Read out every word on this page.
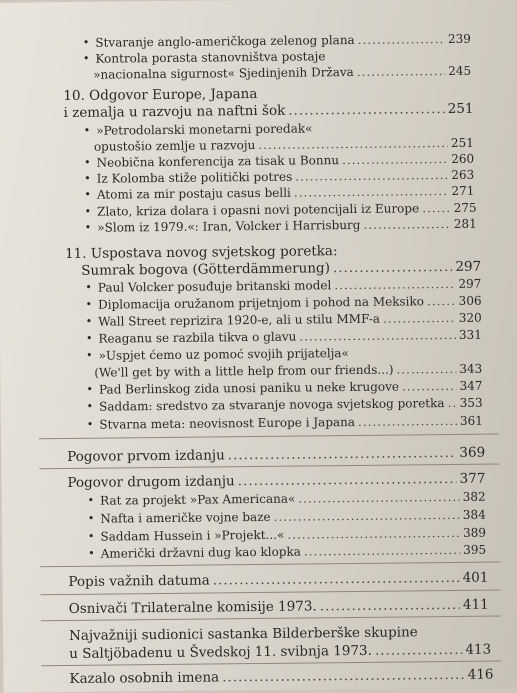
• Stvaranje anglo-američkoga zelenog plana .....	239
• Kontrola porasta stanovništva postaje
»nacionalna sigurnost« Sjedinjenih Država .....	245
10. Odgovor Europe, Japana
i zemalja u razvoju na naftni šok .....	251
• »Petrodolarski monetarni poredak«
opustošio zemlje u razvoju .....	251
• Neobična konferencija za tisak u Bonnu .....	260
• Iz Kolomba stiže politički potres .....	263
• Atomi za mir postaju casus belli .....	271
• Zlato, kriza dolara i opasni novi potencijali iz Europe .....	275
• »Slom iz 1979.«: Iran, Volcker i Harrisburg .....	281
11. Uspostava novog svjetskog poretka:
Sumrak bogova (Götterdämmerung) .....	297
• Paul Volcker posuđuje britanski model .....	297
• Diplomacija oružanom prijetnjom i pohod na Meksiko .....	306
• Wall Street reprizira 1920-e, ali u stilu MMF-a .....	320
• Reaganu se razbila tikva o glavu .....	331
• »Uspjet ćemo uz pomoć svojih prijatelja«
(We'll get by with a little help from our friends...) .....	343
• Pad Berlinskog zida unosi paniku u neke krugove .....	347
• Saddam: sredstvo za stvaranje novoga svjetskog poretka ..... 353
• Stvarna meta: neovisnost Europe i Japana .....	361
Pogovor prvom izdanju .....	369
Pogovor drugom izdanju .....	377
• Rat za projekt »Pax Americana« .....	382
• Nafta i američke vojne baze .....	384
• Saddam Hussein i »Projekt...« .....	389
• Američki državni dug kao klopka .....	395
Popis važnih datuma .....	401
Osnivači Trilateralne komisije 1973. .....	411
Najvažniji sudionici sastanka Bilderberške skupine
u Saltjöbadenu u Švedskoj 11. svibnja 1973. .....	413
Kazalo osobnih imena .....	416
